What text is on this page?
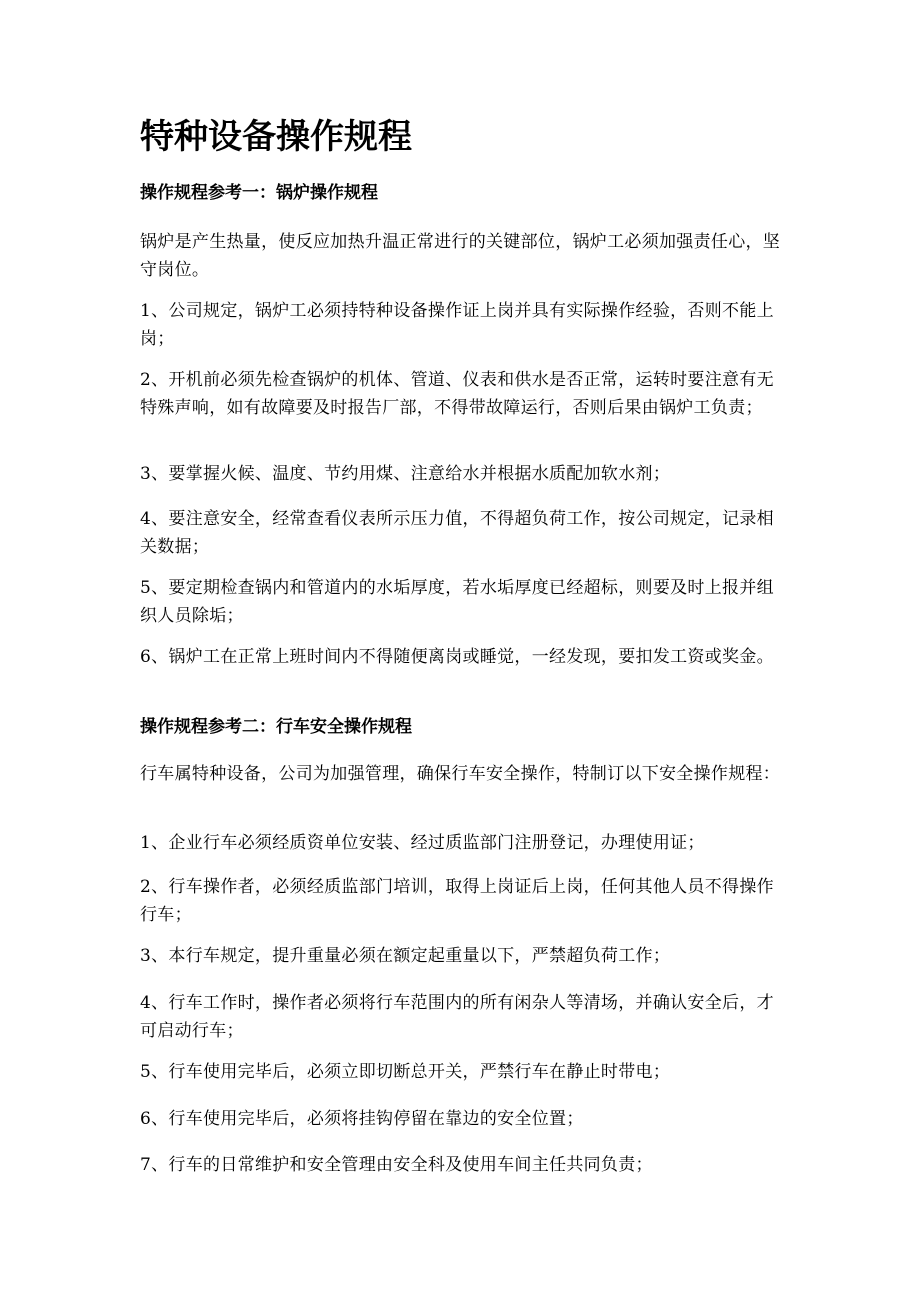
特种设备操作规程
操作规程参考一：锅炉操作规程

锅炉是产生热量，使反应加热升温正常进行的关键部位，锅炉工必须加强责任心，坚守岗位。

1、公司规定，锅炉工必须持特种设备操作证上岗并具有实际操作经验，否则不能上岗；

2、开机前必须先检查锅炉的机体、管道、仪表和供水是否正常，运转时要注意有无特殊声响，如有故障要及时报告厂部，不得带故障运行，否则后果由锅炉工负责；

3、要掌握火候、温度、节约用煤、注意给水并根据水质配加软水剂；

4、要注意安全，经常查看仪表所示压力值，不得超负荷工作，按公司规定，记录相关数据；

5、要定期检查锅内和管道内的水垢厚度，若水垢厚度已经超标，则要及时上报并组织人员除垢；

6、锅炉工在正常上班时间内不得随便离岗或睡觉，一经发现，要扣发工资或奖金。

操作规程参考二：行车安全操作规程

行车属特种设备，公司为加强管理，确保行车安全操作，特制订以下安全操作规程：

1、企业行车必须经质资单位安装、经过质监部门注册登记，办理使用证；

2、行车操作者，必须经质监部门培训，取得上岗证后上岗，任何其他人员不得操作行车；

3、本行车规定，提升重量必须在额定起重量以下，严禁超负荷工作；

4、行车工作时，操作者必须将行车范围内的所有闲杂人等清场，并确认安全后，才可启动行车；

5、行车使用完毕后，必须立即切断总开关，严禁行车在静止时带电；

6、行车使用完毕后，必须将挂钩停留在靠边的安全位置；

7、行车的日常维护和安全管理由安全科及使用车间主任共同负责；
